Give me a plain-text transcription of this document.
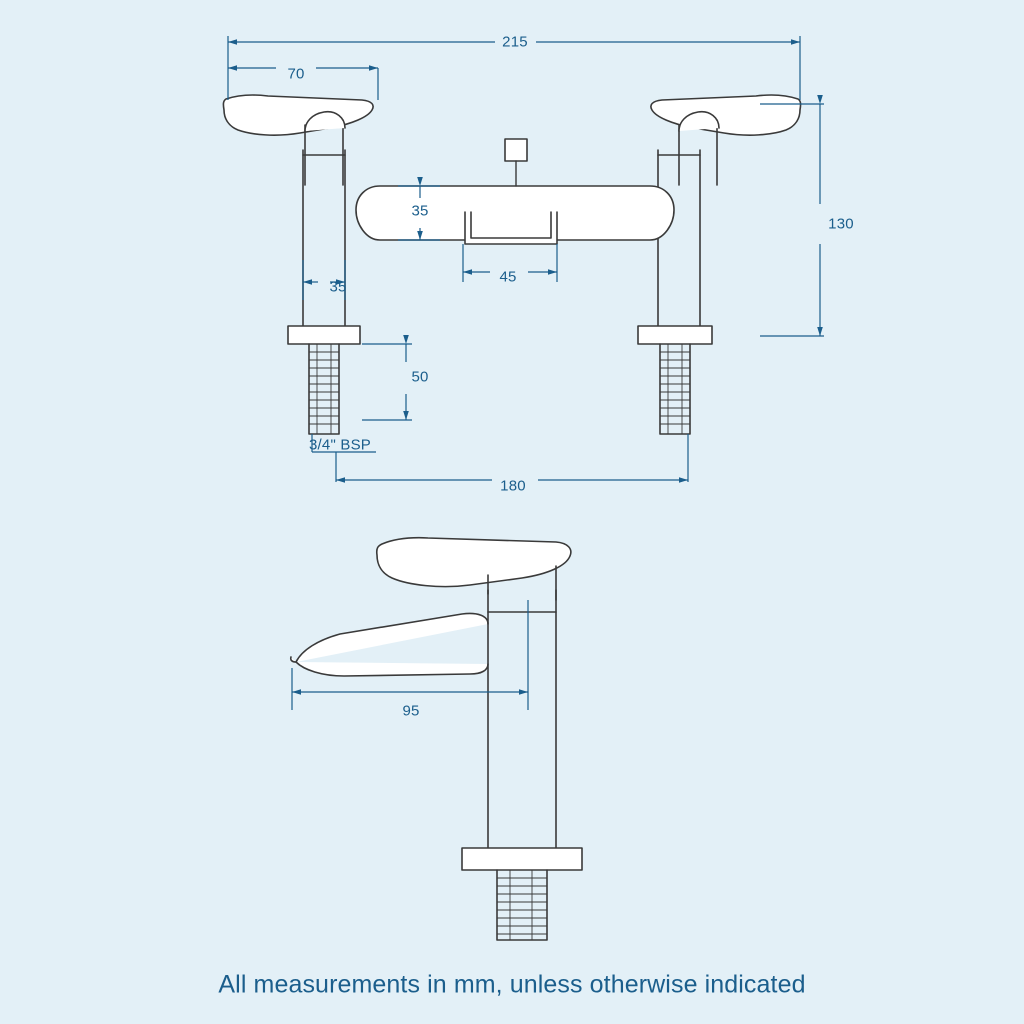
215
70
35
35
45
130
50
3/4" BSP
180
95
All measurements in mm, unless otherwise indicated
